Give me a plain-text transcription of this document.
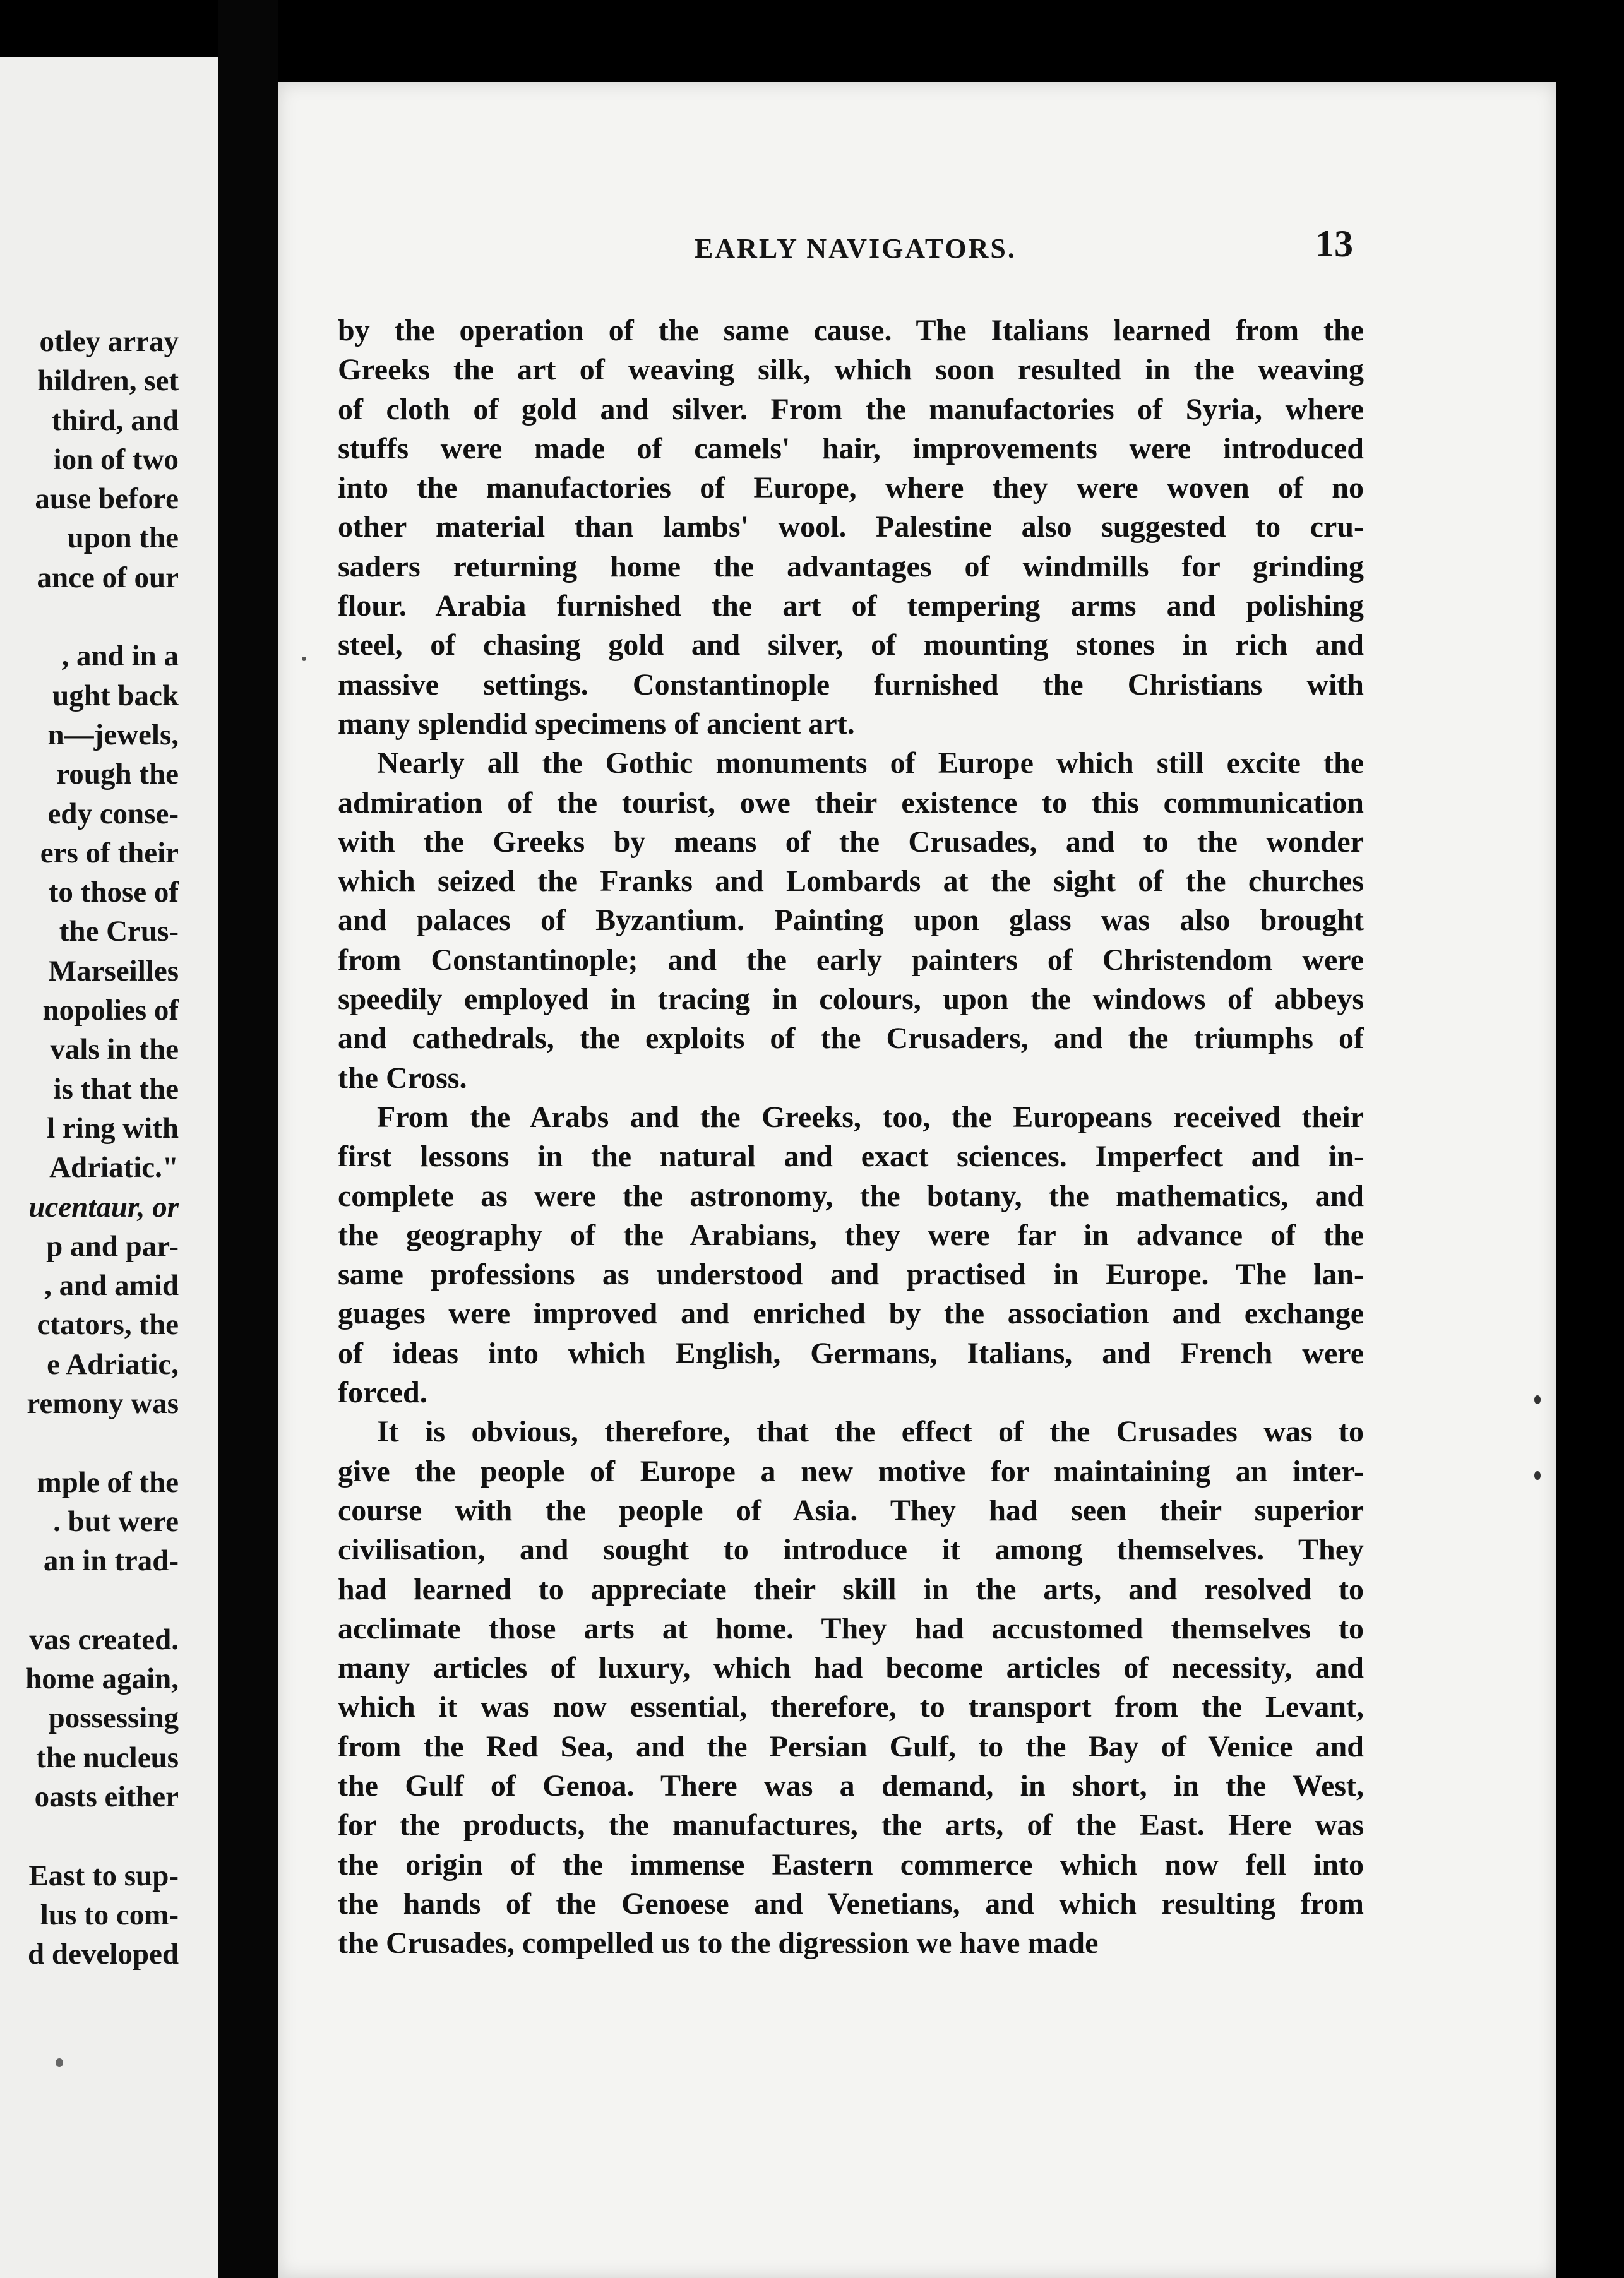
otley array
hildren, set
third, and
ion of two
ause before
upon the
ance of our
, and in a
ught back
n—jewels,
rough the
edy conse-
ers of their
to those of
the Crus-
Marseilles
nopolies of
vals in the
is that the
l ring with
Adriatic."
ucentaur, or
p and par-
, and amid
ctators, the
e Adriatic,
remony was
mple of the
. but were
an in trad-
vas created.
home again,
possessing
the nucleus
oasts either
East to sup-
lus to com-
d developed
EARLY NAVIGATORS.	13
by the operation of the same cause. The Italians learned from the
Greeks the art of weaving silk, which soon resulted in the weaving
of cloth of gold and silver. From the manufactories of Syria, where
stuffs were made of camels' hair, improvements were introduced
into the manufactories of Europe, where they were woven of no
other material than lambs' wool. Palestine also suggested to cru-
saders returning home the advantages of windmills for grinding
flour. Arabia furnished the art of tempering arms and polishing
steel, of chasing gold and silver, of mounting stones in rich and
massive settings. Constantinople furnished the Christians with
many splendid specimens of ancient art.
Nearly all the Gothic monuments of Europe which still excite the
admiration of the tourist, owe their existence to this communication
with the Greeks by means of the Crusades, and to the wonder
which seized the Franks and Lombards at the sight of the churches
and palaces of Byzantium. Painting upon glass was also brought
from Constantinople; and the early painters of Christendom were
speedily employed in tracing in colours, upon the windows of abbeys
and cathedrals, the exploits of the Crusaders, and the triumphs of
the Cross.
From the Arabs and the Greeks, too, the Europeans received their
first lessons in the natural and exact sciences. Imperfect and in-
complete as were the astronomy, the botany, the mathematics, and
the geography of the Arabians, they were far in advance of the
same professions as understood and practised in Europe. The lan-
guages were improved and enriched by the association and exchange
of ideas into which English, Germans, Italians, and French were
forced.
It is obvious, therefore, that the effect of the Crusades was to
give the people of Europe a new motive for maintaining an inter-
course with the people of Asia. They had seen their superior
civilisation, and sought to introduce it among themselves. They
had learned to appreciate their skill in the arts, and resolved to
acclimate those arts at home. They had accustomed themselves to
many articles of luxury, which had become articles of necessity, and
which it was now essential, therefore, to transport from the Levant,
from the Red Sea, and the Persian Gulf, to the Bay of Venice and
the Gulf of Genoa. There was a demand, in short, in the West,
for the products, the manufactures, the arts, of the East. Here was
the origin of the immense Eastern commerce which now fell into
the hands of the Genoese and Venetians, and which resulting from
the Crusades, compelled us to the digression we have made
